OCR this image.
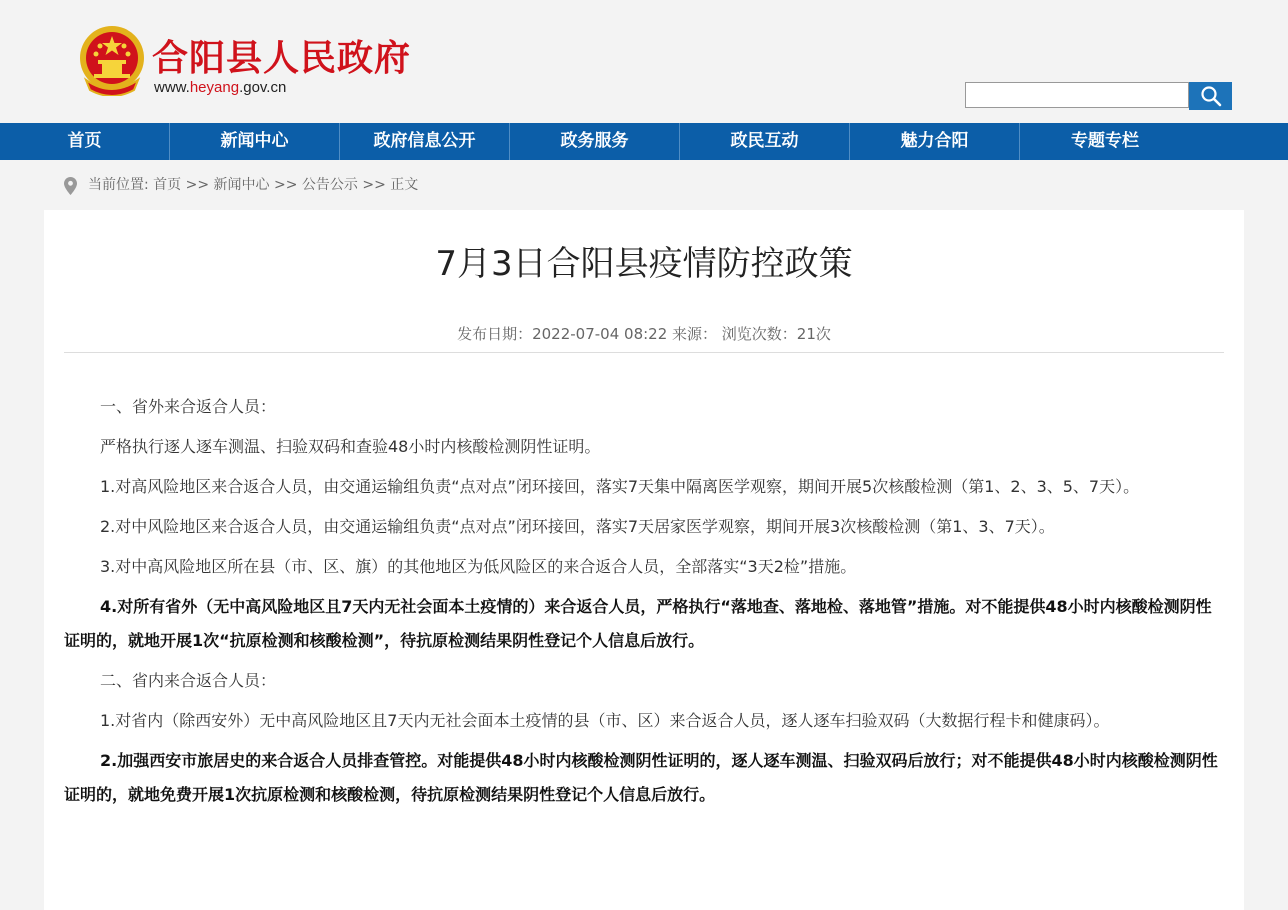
合阳县人民政府
www.heyang.gov.cn
首页	新闻中心	政府信息公开	政务服务	政民互动	魅力合阳	专题专栏
当前位置: 首页 >> 新闻中心 >> 公告公示 >> 正文
7月3日合阳县疫情防控政策
发布日期：2022-07-04 08:22 来源： 浏览次数：21次

一、省外来合返合人员：

严格执行逐人逐车测温、扫验双码和查验48小时内核酸检测阴性证明。

1.对高风险地区来合返合人员，由交通运输组负责“点对点”闭环接回，落实7天集中隔离医学观察，期间开展5次核酸检测（第1、2、3、5、7天）。

2.对中风险地区来合返合人员，由交通运输组负责“点对点”闭环接回，落实7天居家医学观察，期间开展3次核酸检测（第1、3、7天）。

3.对中高风险地区所在县（市、区、旗）的其他地区为低风险区的来合返合人员，全部落实“3天2检”措施。

4.对所有省外（无中高风险地区且7天内无社会面本土疫情的）来合返合人员，严格执行“落地查、落地检、落地管”措施。对不能提供48小时内核酸检测阴性证明的，就地开展1次“抗原检测和核酸检测”，待抗原检测结果阴性登记个人信息后放行。

二、省内来合返合人员：

1.对省内（除西安外）无中高风险地区且7天内无社会面本土疫情的县（市、区）来合返合人员，逐人逐车扫验双码（大数据行程卡和健康码）。

2.加强西安市旅居史的来合返合人员排查管控。对能提供48小时内核酸检测阴性证明的，逐人逐车测温、扫验双码后放行；对不能提供48小时内核酸检测阴性证明的，就地免费开展1次抗原检测和核酸检测，待抗原检测结果阴性登记个人信息后放行。
